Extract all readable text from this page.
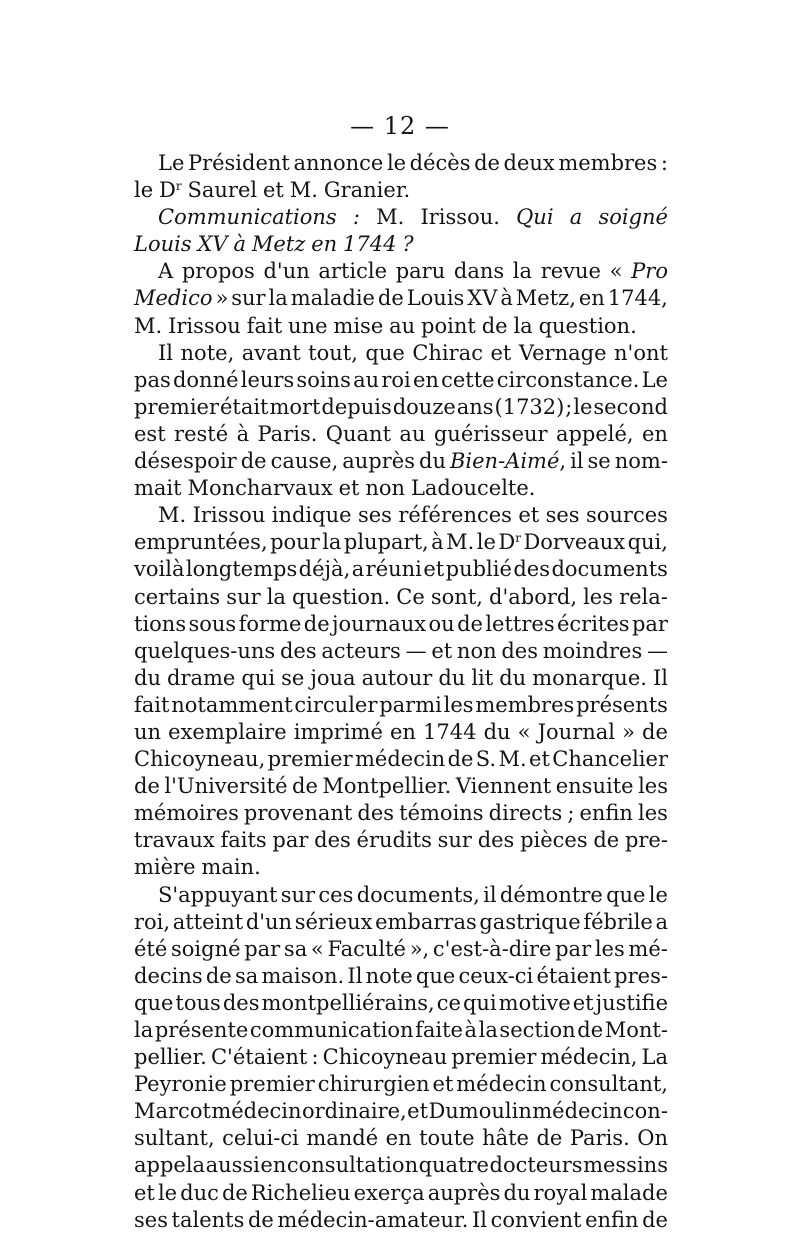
— 12 —
Le Président annonce le décès de deux membres :
le $D^r$ Saurel et M. Granier.
Communications : M. Irissou. Qui a soigné
Louis XV à Metz en 1744 ?
A propos d'un article paru dans la revue « Pro
Medico » sur la maladie de Louis XV à Metz, en 1744,
M. Irissou fait une mise au point de la question.
Il note, avant tout, que Chirac et Vernage n'ont
pas donné leurs soins au roi en cette circonstance. Le
premier était mort depuis douze ans (1732) ; le second
est resté à Paris. Quant au guérisseur appelé, en
désespoir de cause, auprès du Bien-Aimé, il se nom-
mait Moncharvaux et non Ladoucelte.
M. Irissou indique ses références et ses sources
empruntées, pour la plupart, à M. le $D^r$ Dorveaux qui,
voilà longtemps déjà, a réuni et publié des documents
certains sur la question. Ce sont, d'abord, les rela-
tions sous forme de journaux ou de lettres écrites par
quelques-uns des acteurs — et non des moindres —
du drame qui se joua autour du lit du monarque. Il
fait notamment circuler parmi les membres présents
un exemplaire imprimé en 1744 du « Journal » de
Chicoyneau, premier médecin de S. M. et Chancelier
de l'Université de Montpellier. Viennent ensuite les
mémoires provenant des témoins directs ; enfin les
travaux faits par des érudits sur des pièces de pre-
mière main.
S'appuyant sur ces documents, il démontre que le
roi, atteint d'un sérieux embarras gastrique fébrile a
été soigné par sa « Faculté », c'est-à-dire par les mé-
decins de sa maison. Il note que ceux-ci étaient pres-
que tous des montpelliérains, ce qui motive et justifie
la présente communication faite à la section de Mont-
pellier. C'étaient : Chicoyneau premier médecin, La
Peyronie premier chirurgien et médecin consultant,
Marcot médecin ordinaire, et Dumoulin médecin con-
sultant, celui-ci mandé en toute hâte de Paris. On
appela aussi en consultation quatre docteurs messins
et le duc de Richelieu exerça auprès du royal malade
ses talents de médecin-amateur. Il convient enfin de
